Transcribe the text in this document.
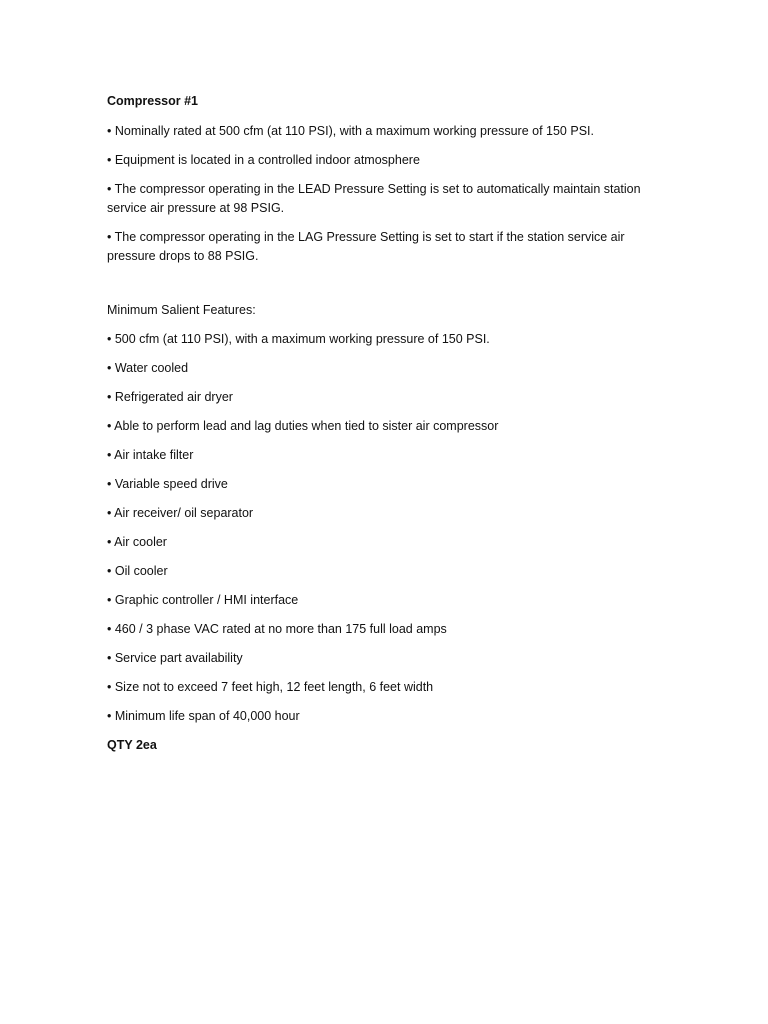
Compressor #1
• Nominally rated at 500 cfm (at 110 PSI), with a maximum working pressure of 150 PSI.
• Equipment is located in a controlled indoor atmosphere
• The compressor operating in the LEAD Pressure Setting is set to automatically maintain station service air pressure at 98 PSIG.
• The compressor operating in the LAG Pressure Setting is set to start if the station service air pressure drops to 88 PSIG.
Minimum Salient Features:
• 500 cfm (at 110 PSI), with a maximum working pressure of 150 PSI.
• Water cooled
• Refrigerated air dryer
• Able to perform lead and lag duties when tied to sister air compressor
• Air intake filter
• Variable speed drive
• Air receiver/ oil separator
• Air cooler
• Oil cooler
• Graphic controller / HMI interface
• 460 / 3 phase VAC rated at no more than 175 full load amps
• Service part availability
• Size not to exceed 7 feet high, 12 feet length, 6 feet width
• Minimum life span of 40,000 hour
QTY 2ea
